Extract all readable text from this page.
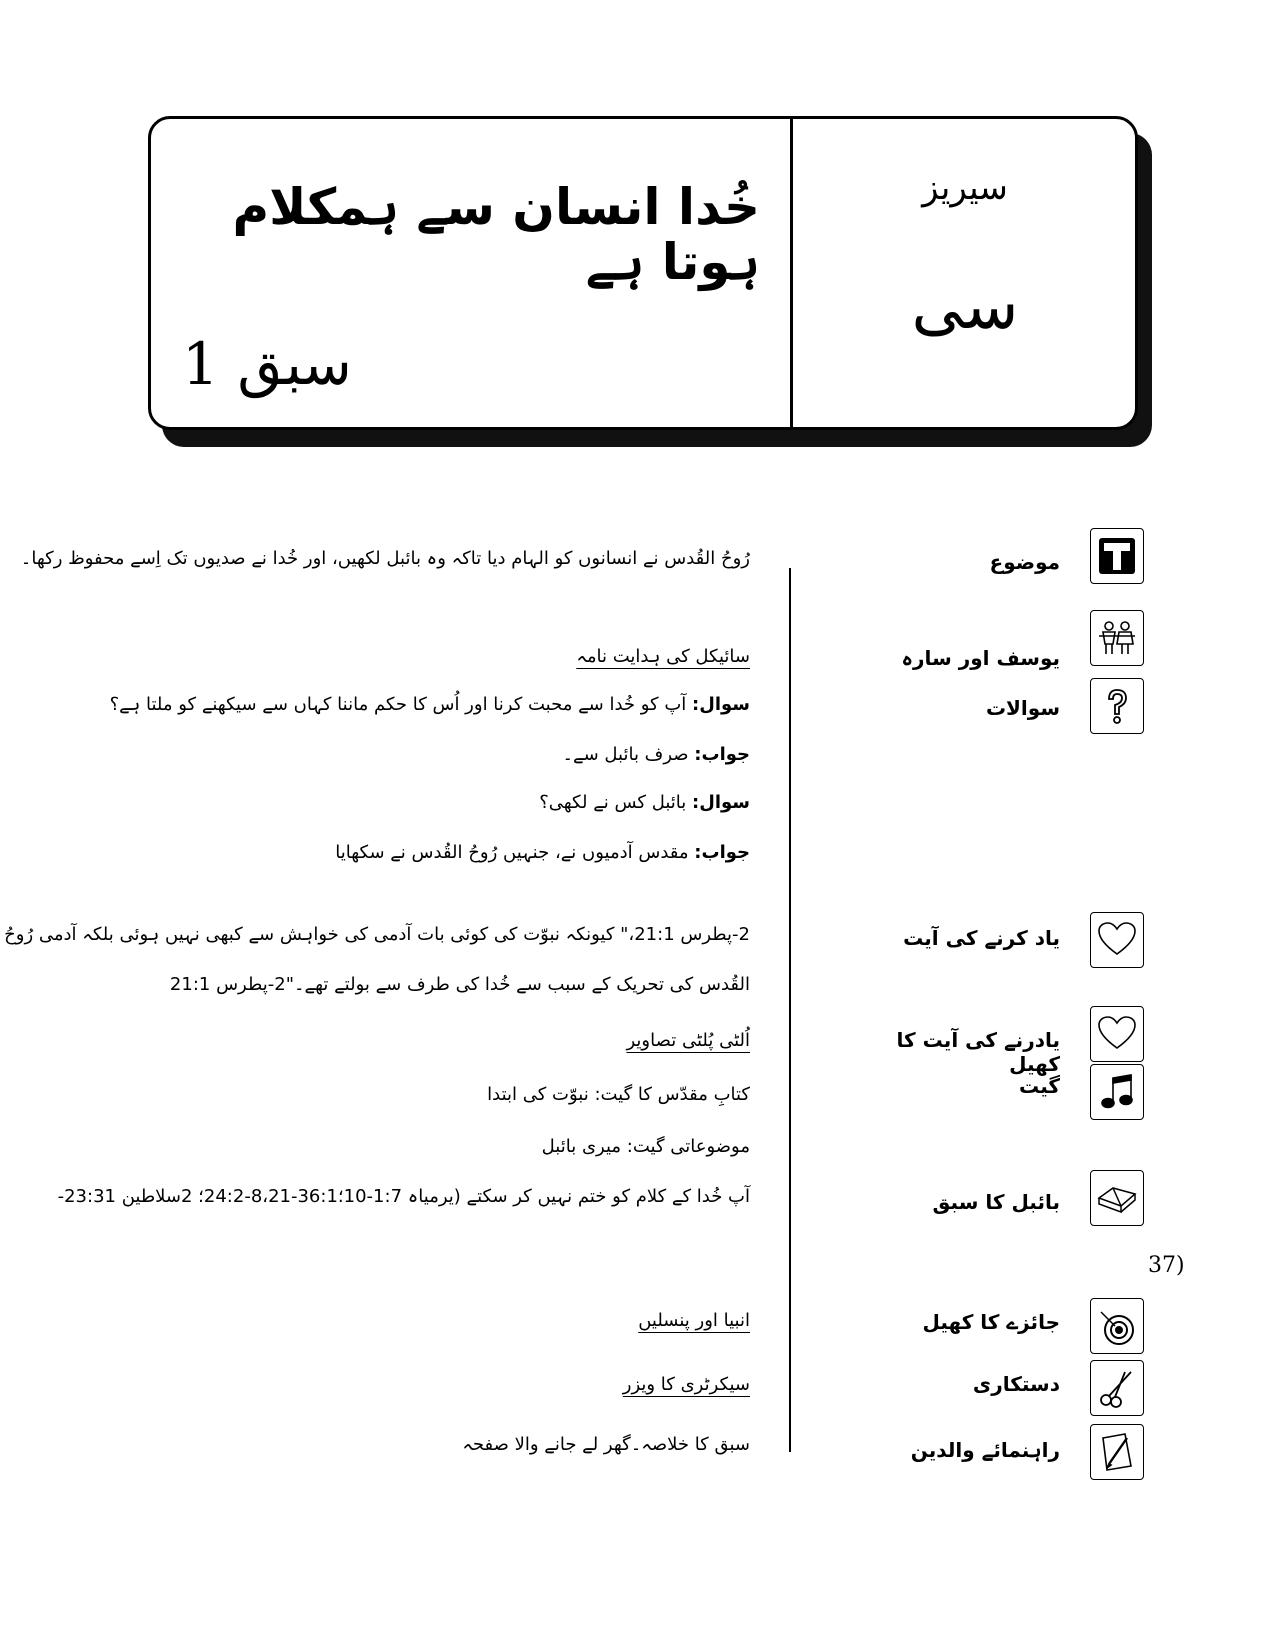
سیریز
سی
خُدا انسان سے ہمکلام ہوتا ہے
سبق 1
موضوع
رُوحُ القُدس نے انسانوں کو الہام دیا تاکہ وہ بائبل لکھیں، اور خُدا نے صدیوں تک اِسے محفوظ رکھا۔
یوسف اور سارہ
سائیکل کی ہدایت نامہ
سوالات
سوال: آپ کو خُدا سے محبت کرنا اور اُس کا حکم ماننا کہاں سے سیکھنے کو ملتا ہے؟
جواب: صرف بائبل سے۔
سوال: بائبل کس نے لکھی؟
جواب: مقدس آدمیوں نے، جنہیں رُوحُ القُدس نے سکھایا
یاد کرنے کی آیت
2-پطرس 21:1،" کیونکہ نبوّت کی کوئی بات آدمی کی خواہش سے کبھی نہیں ہوئی بلکہ آدمی رُوحُ
القُدس کی تحریک کے سبب سے خُدا کی طرف سے بولتے تھے۔"2-پطرس 21:1
یادرنے کی آیت کا کھیل
اُلٹی پُلٹی تصاویر
گیت
کتابِ مقدّس کا گیت: نبوّت کی ابتدا
موضوعاتی گیت: میری بائبل
بائبل کا سبق
آپ خُدا کے کلام کو ختم نہیں کر سکتے (یرمیاہ 1:7-10؛36:1-8،21-24:2؛ 2سلاطین 23:31-
37)
جائزے کا کھیل
انبیا اور پنسلیں
دستکاری
سیکرٹری کا ویزر
راہنمائے والدین
سبق کا خلاصہ۔گھر لے جانے والا صفحہ
